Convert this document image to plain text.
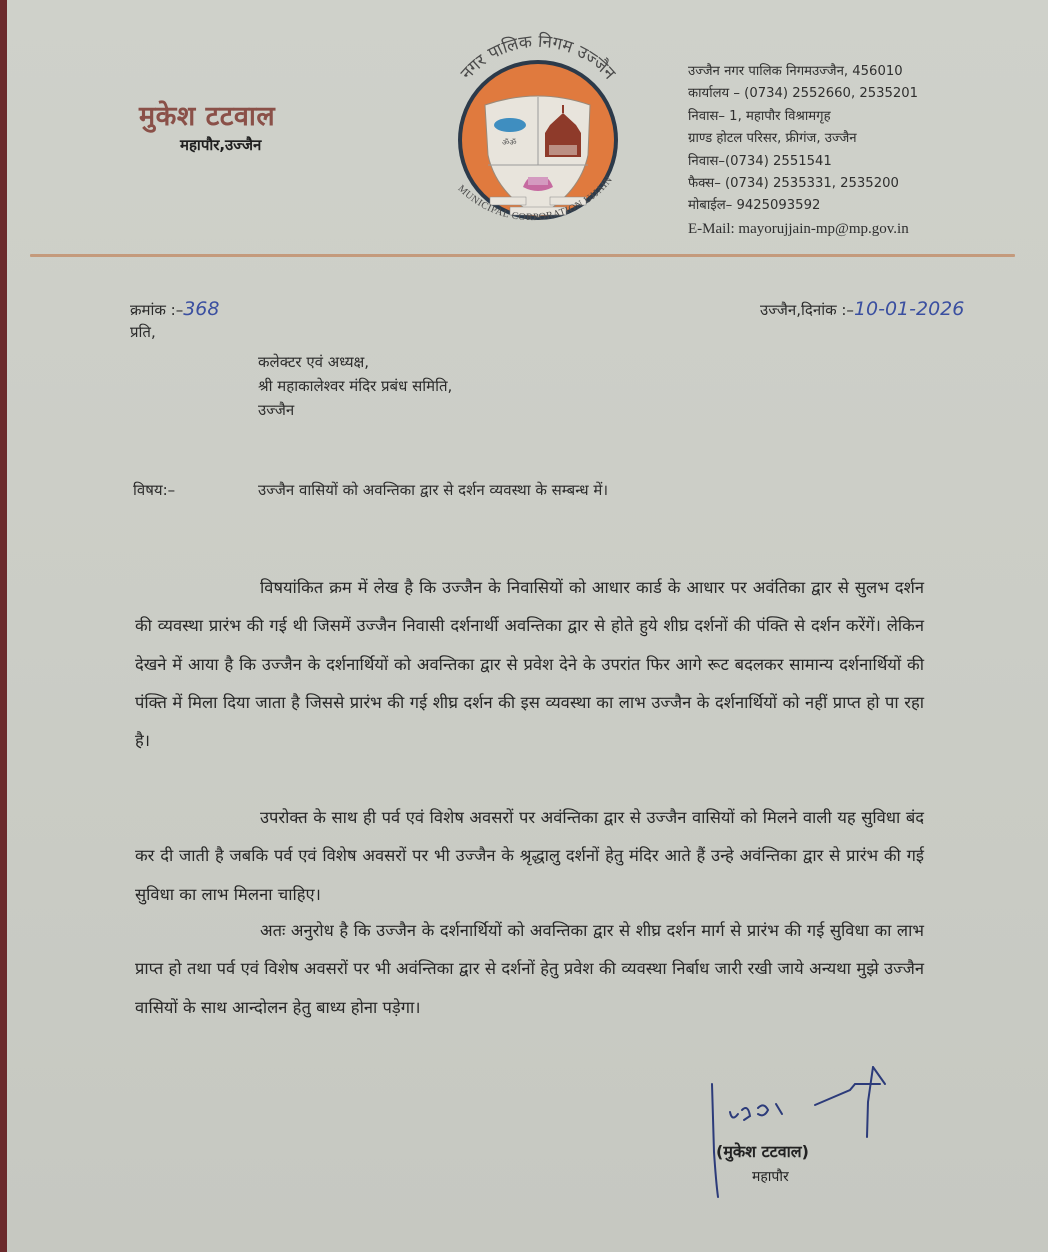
मुकेश टटवाल
महापौर,उज्जैन	ॐॐ
नगर पालिक निगम उज्जैन
MUNICIPAL CORPORATION UJJAIN
उज्जैन नगर पालिक निगमउज्जैन, 456010
कार्यालय – (0734) 2552660, 2535201
निवास– 1, महापौर विश्रामगृह
ग्राण्ड होटल परिसर, फ्रीगंज, उज्जैन
निवास–(0734) 2551541
फैक्स– (0734) 2535331, 2535200
मोबाईल– 9425093592
E-Mail: mayorujjain-mp@mp.gov.in
क्रमांक :–368
प्रति,
उज्जैन,दिनांक :–10-01-2026
कलेक्टर एवं अध्यक्ष,
श्री महाकालेश्वर मंदिर प्रबंध समिति,
उज्जैन
विषय:–	उज्जैन वासियों को अवन्तिका द्वार से दर्शन व्यवस्था के सम्बन्ध में।
विषयांकित क्रम में लेख है कि उज्जैन के निवासियों को आधार कार्ड के आधार पर अवंतिका द्वार से सुलभ दर्शन की व्यवस्था प्रारंभ की गई थी जिसमें उज्जैन निवासी दर्शनार्थी अवन्तिका द्वार से होते हुये शीघ्र दर्शनों की पंक्ति से दर्शन करेंगें। लेकिन देखने में आया है कि उज्जैन के दर्शनार्थियों को अवन्तिका द्वार से प्रवेश देने के उपरांत फिर आगे रूट बदलकर सामान्य दर्शनार्थियों की पंक्ति में मिला दिया जाता है जिससे प्रारंभ की गई शीघ्र दर्शन की इस व्यवस्था का लाभ उज्जैन के दर्शनार्थियों को नहीं प्राप्त हो पा रहा है।
उपरोक्त के साथ ही पर्व एवं विशेष अवसरों पर अवंन्तिका द्वार से उज्जैन वासियों को मिलने वाली यह सुविधा बंद कर दी जाती है जबकि पर्व एवं विशेष अवसरों पर भी उज्जैन के श्रृद्धालु दर्शनों हेतु मंदिर आते हैं उन्हे अवंन्तिका द्वार से प्रारंभ की गई सुविधा का लाभ मिलना चाहिए।
अतः अनुरोध है कि उज्जैन के दर्शनार्थियों को अवन्तिका द्वार से शीघ्र दर्शन मार्ग से प्रारंभ की गई सुविधा का लाभ प्राप्त हो तथा पर्व एवं विशेष अवसरों पर भी अवंन्तिका द्वार से दर्शनों हेतु प्रवेश की व्यवस्था निर्बाध जारी रखी जाये अन्यथा मुझे उज्जैन वासियों के साथ आन्दोलन हेतु बाध्य होना पड़ेगा।
10-01
(मुकेश टटवाल)
महापौर
